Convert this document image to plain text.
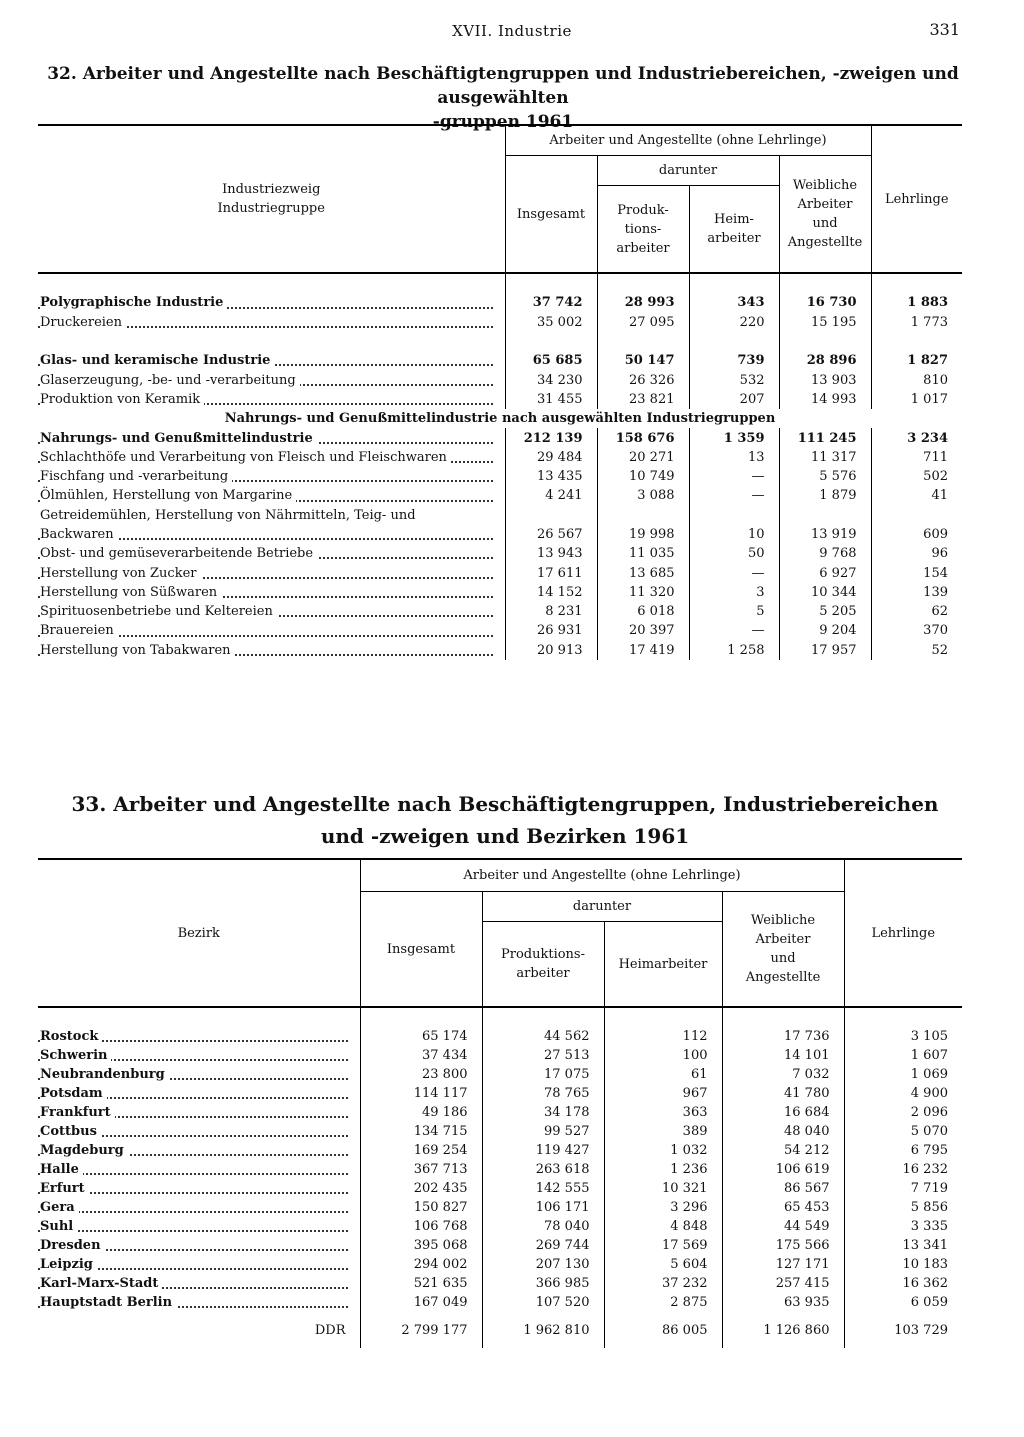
XVII. Industrie	331
32. Arbeiter und Angestellte nach Beschäftigtengruppen und Industriebereichen, -zweigen und ausgewählten
-gruppen 1961
Industriezweig
Industriegruppe	Arbeiter und Angestellte (ohne Lehrlinge)				Lehrlinge
	Insgesamt	darunter		Weibliche
Arbeiter
und
Angestellte	
		Produk-
tions-
arbeiter	Heim-
arbeiter		

Polygraphische Industrie	37 742	28 993	343	16 730	1 883

Druckereien	35 002	27 095	220	15 195	1 773

Glas- und keramische Industrie	65 685	50 147	739	28 896	1 827

Glaserzeugung, -be- und -verarbeitung	34 230	26 326	532	13 903	810

Produktion von Keramik	31 455	23 821	207	14 993	1 017
Nahrungs- und Genußmittelindustrie nach ausgewählten Industriegruppen					

Nahrungs- und Genußmittelindustrie	212 139	158 676	1 359	111 245	3 234

Schlachthöfe und Verarbeitung von Fleisch und Fleischwaren	29 484	20 271	13	11 317	711

Fischfang und -verarbeitung	13 435	10 749	—	5 576	502

Ölmühlen, Herstellung von Margarine	4 241	3 088	—	1 879	41
Getreidemühlen, Herstellung von Nährmitteln, Teig- und					

Backwaren	26 567	19 998	10	13 919	609

Obst- und gemüseverarbeitende Betriebe	13 943	11 035	50	9 768	96

Herstellung von Zucker	17 611	13 685	—	6 927	154

Herstellung von Süßwaren	14 152	11 320	3	10 344	139

Spirituosenbetriebe und Keltereien	8 231	6 018	5	5 205	62

Brauereien	26 931	20 397	—	9 204	370

Herstellung von Tabakwaren	20 913	17 419	1 258	17 957	52
33. Arbeiter und Angestellte nach Beschäftigtengruppen, Industriebereichen
und -zweigen und Bezirken 1961
Bezirk	Arbeiter und Angestellte (ohne Lehrlinge)				Lehrlinge
	Insgesamt	darunter		Weibliche
Arbeiter
und
Angestellte	
		Produktions-
arbeiter	Heimarbeiter		

Rostock	65 174	44 562	112	17 736	3 105

Schwerin	37 434	27 513	100	14 101	1 607

Neubrandenburg	23 800	17 075	61	7 032	1 069

Potsdam	114 117	78 765	967	41 780	4 900

Frankfurt	49 186	34 178	363	16 684	2 096

Cottbus	134 715	99 527	389	48 040	5 070

Magdeburg	169 254	119 427	1 032	54 212	6 795

Halle	367 713	263 618	1 236	106 619	16 232

Erfurt	202 435	142 555	10 321	86 567	7 719

Gera	150 827	106 171	3 296	65 453	5 856

Suhl	106 768	78 040	4 848	44 549	3 335

Dresden	395 068	269 744	17 569	175 566	13 341

Leipzig	294 002	207 130	5 604	127 171	10 183

Karl-Marx-Stadt	521 635	366 985	37 232	257 415	16 362

Hauptstadt Berlin	167 049	107 520	2 875	63 935	6 059
DDR	2 799 177	1 962 810	86 005	1 126 860	103 729
